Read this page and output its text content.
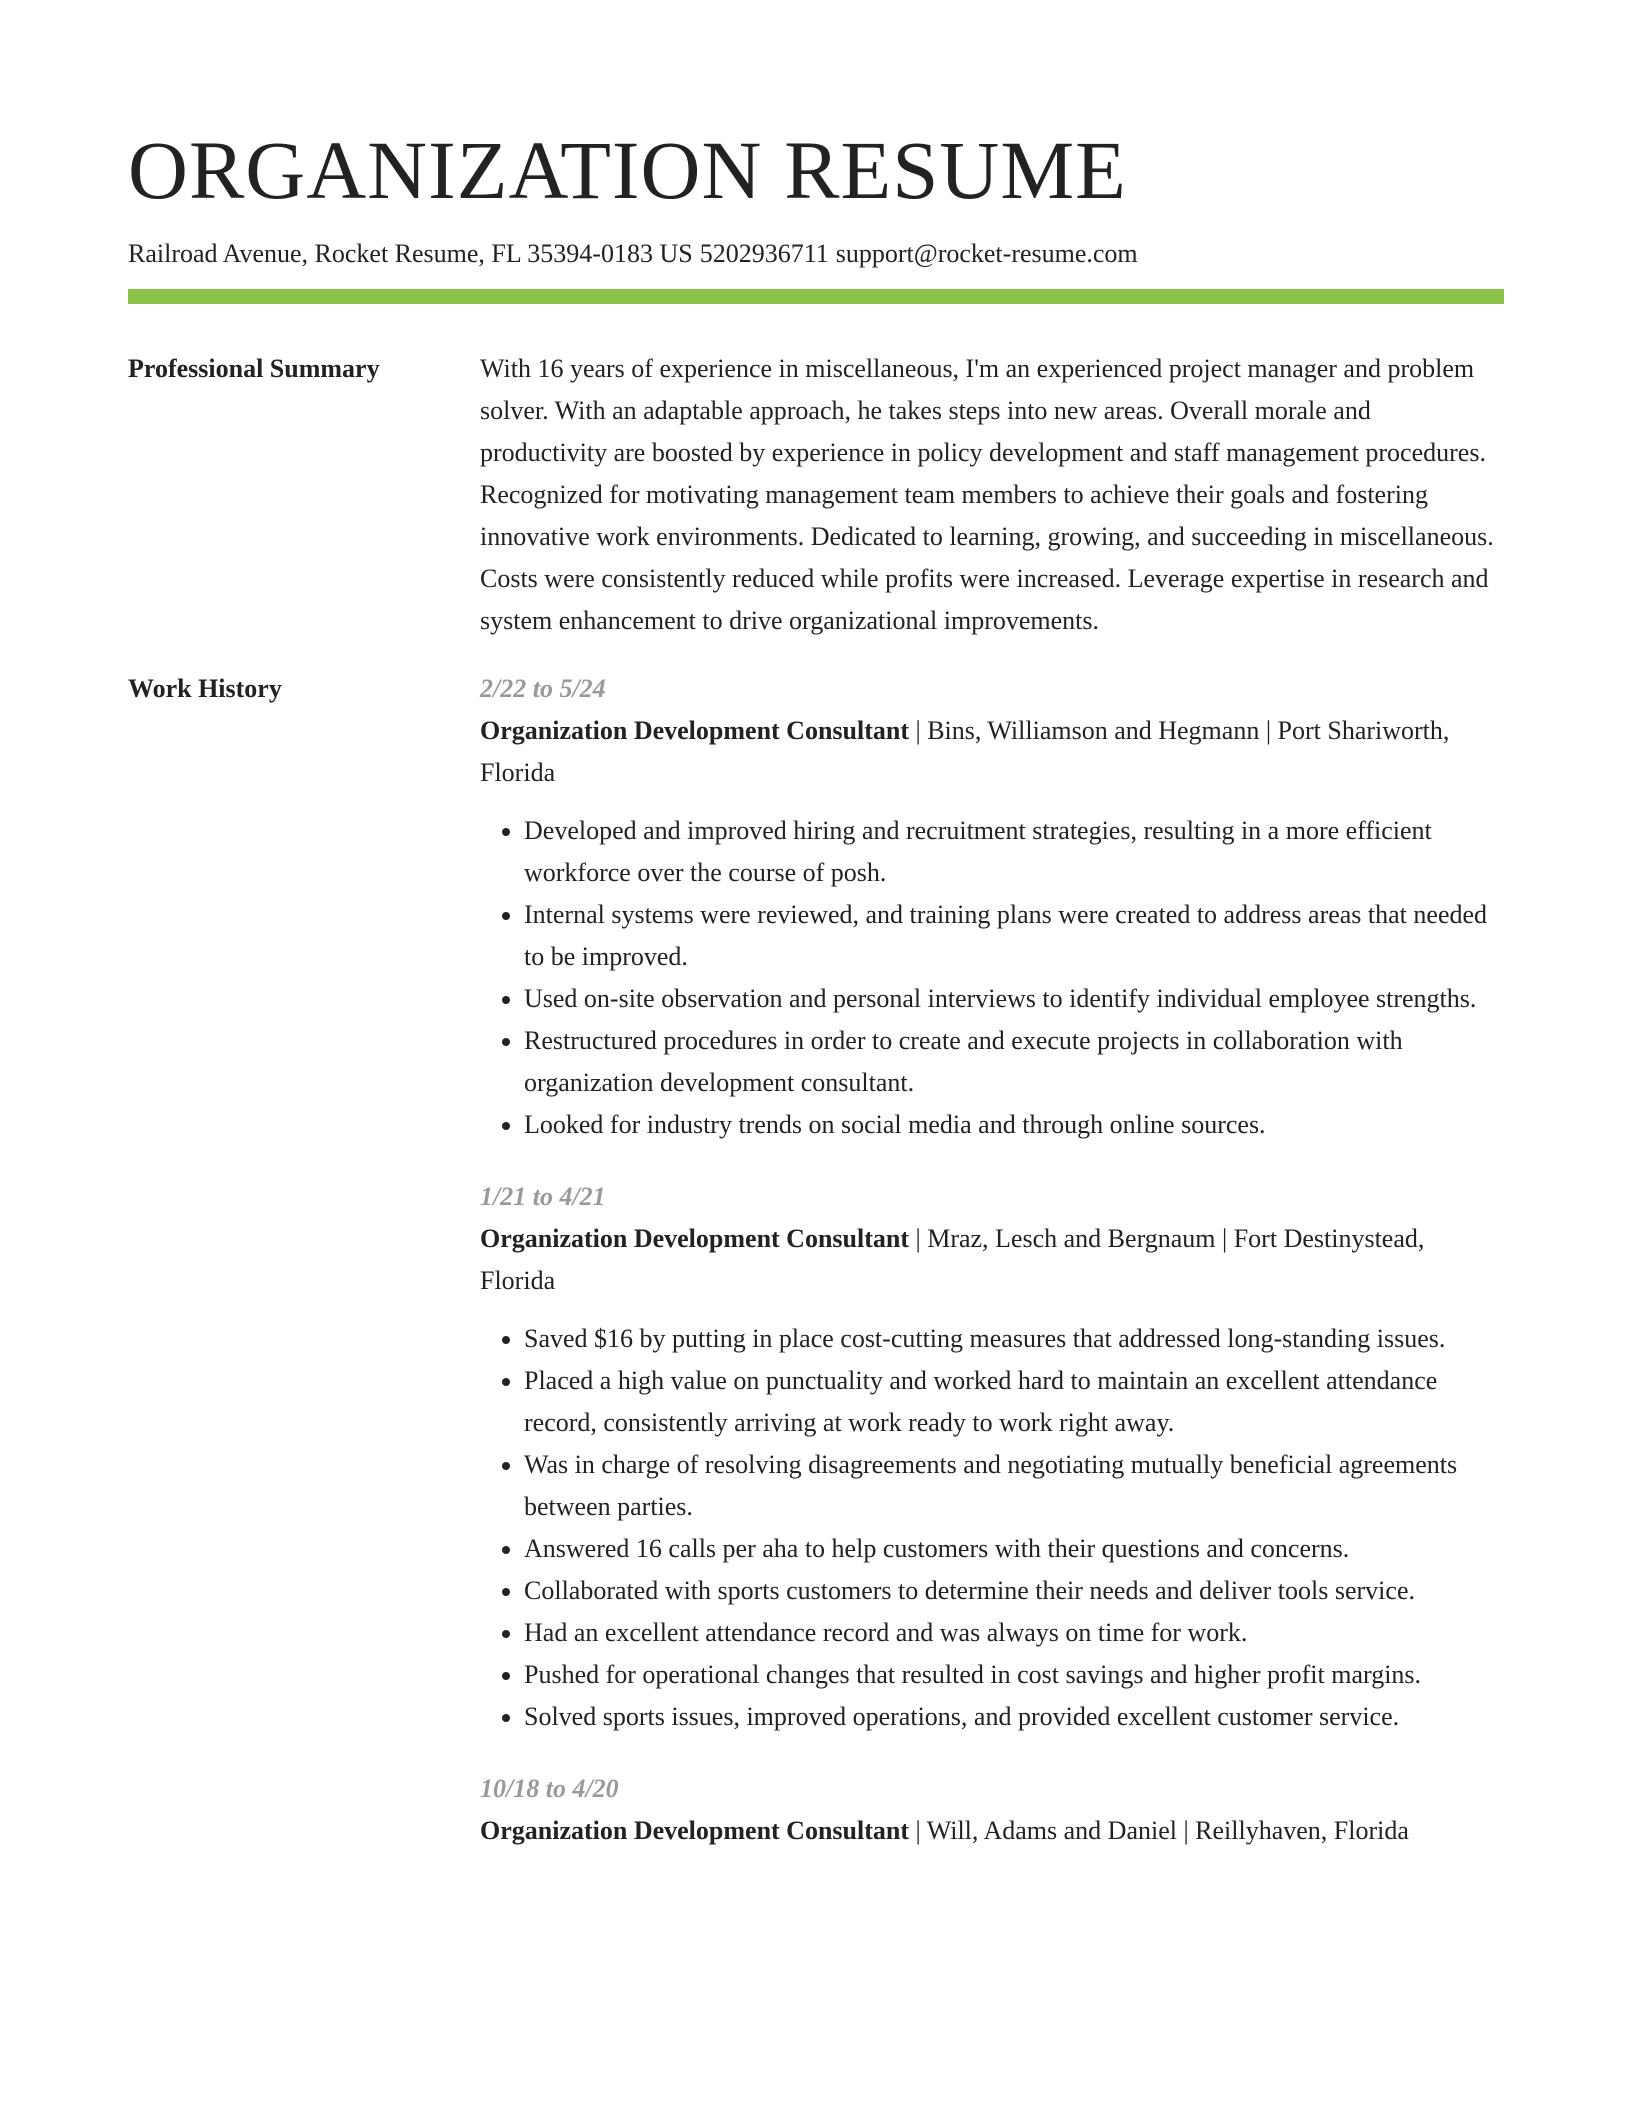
ORGANIZATION RESUME
Railroad Avenue, Rocket Resume, FL 35394-0183 US 5202936711 support@rocket-resume.com
Professional Summary	With 16 years of experience in miscellaneous, I'm an experienced project manager and problem solver. With an adaptable approach, he takes steps into new areas. Overall morale and productivity are boosted by experience in policy development and staff management procedures. Recognized for motivating management team members to achieve their goals and fostering innovative work environments. Dedicated to learning, growing, and succeeding in miscellaneous. Costs were consistently reduced while profits were increased. Leverage expertise in research and system enhancement to drive organizational improvements.

Work History	2/22 to 5/24
Organization Development Consultant | Bins, Williamson and Hegmann | Port Shariworth, Florida
• Developed and improved hiring and recruitment strategies, resulting in a more efficient workforce over the course of posh.
• Internal systems were reviewed, and training plans were created to address areas that needed to be improved.
• Used on-site observation and personal interviews to identify individual employee strengths.
• Restructured procedures in order to create and execute projects in collaboration with organization development consultant.
• Looked for industry trends on social media and through online sources.
1/21 to 4/21
Organization Development Consultant | Mraz, Lesch and Bergnaum | Fort Destinystead, Florida
• Saved $16 by putting in place cost-cutting measures that addressed long-standing issues.
• Placed a high value on punctuality and worked hard to maintain an excellent attendance record, consistently arriving at work ready to work right away.
• Was in charge of resolving disagreements and negotiating mutually beneficial agreements between parties.
• Answered 16 calls per aha to help customers with their questions and concerns.
• Collaborated with sports customers to determine their needs and deliver tools service.
• Had an excellent attendance record and was always on time for work.
• Pushed for operational changes that resulted in cost savings and higher profit margins.
• Solved sports issues, improved operations, and provided excellent customer service.
10/18 to 4/20
Organization Development Consultant | Will, Adams and Daniel | Reillyhaven, Florida
